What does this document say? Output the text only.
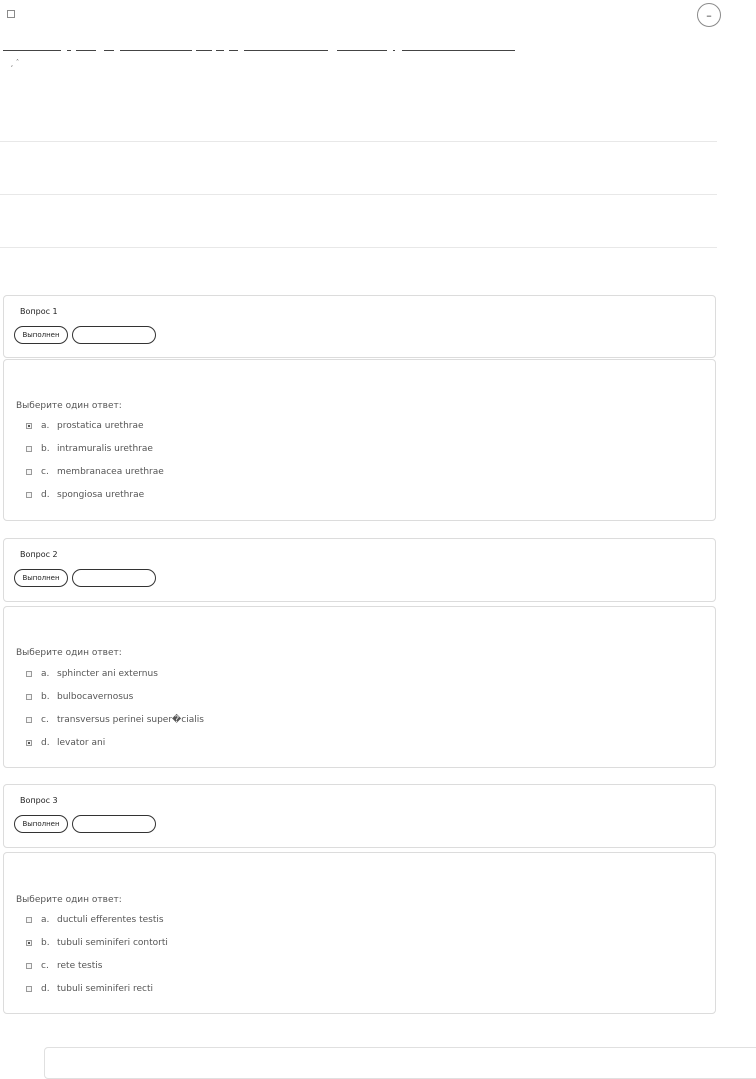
–
¸ ˆ
Вопрос 1
Выполнен
Выберите один ответ:
a. prostatica urethrae
b. intramuralis urethrae
c. membranacea urethrae
d. spongiosa urethrae
Вопрос 2
Выполнен
Выберите один ответ:
a. sphincter ani externus
b. bulbocavernosus
c. transversus perinei super�cialis
d. levator ani
Вопрос 3
Выполнен
Выберите один ответ:
a. ductuli efferentes testis
b. tubuli seminiferi contorti
c. rete testis
d. tubuli seminiferi recti
